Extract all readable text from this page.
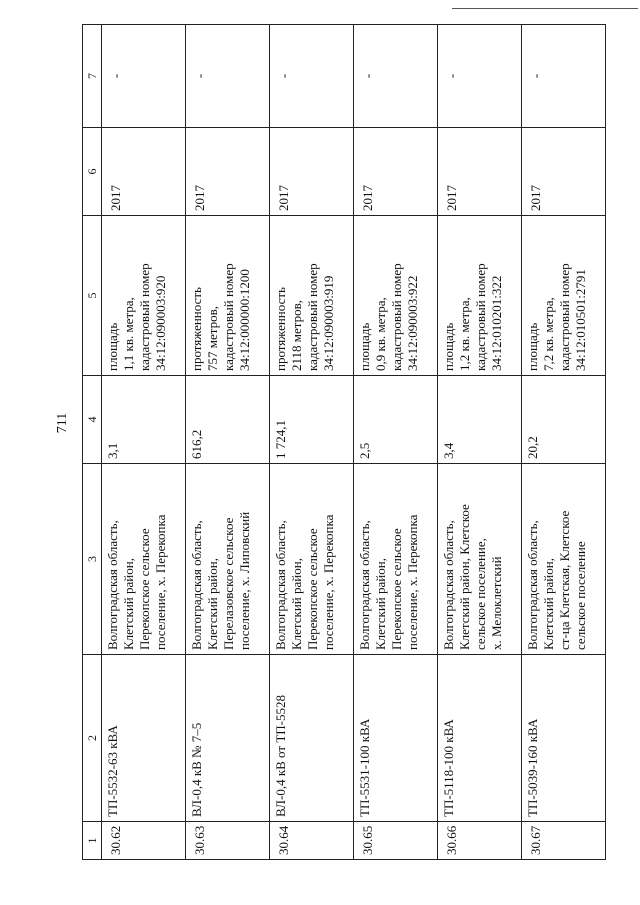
711
1	2	3	4	5	6	7
30.62	ТП-5532-63 кВА	Волгоградская область, Клетский район, Перекопское сельское поселение, х. Перекопка	3,1	площадь 1,1 кв. метра, кадастровый номер 34:12:090003:920	2017	-
30.63	ВЛ-0,4 кВ № 7–5	Волгоградская область, Клетский район, Перелазовское сельское поселение, х. Липовский	616,2	протяженность 757 метров, кадастровый номер 34:12:000000:1200	2017	-
30.64	ВЛ-0,4 кВ от ТП-5528	Волгоградская область, Клетский район, Перекопское сельское поселение, х. Перекопка	1 724,1	протяженность 2118 метров, кадастровый номер 34:12:090003:919	2017	-
30.65	ТП-5531-100 кВА	Волгоградская область, Клетский район, Перекопское сельское поселение, х. Перекопка	2,5	площадь 0,9 кв. метра, кадастровый номер 34:12:090003:922	2017	-
30.66	ТП-5118-100 кВА	Волгоградская область, Клетский район, Клетское сельское поселение, х. Мелоклетский	3,4	площадь 1,2 кв. метра, кадастровый номер 34:12:010201:322	2017	-
30.67	ТП-5039-160 кВА	Волгоградская область, Клетский район, ст-ца Клетская, Клетское сельское поселение	20,2	площадь 7,2 кв. метра, кадастровый номер 34:12:010501:2791	2017	-
